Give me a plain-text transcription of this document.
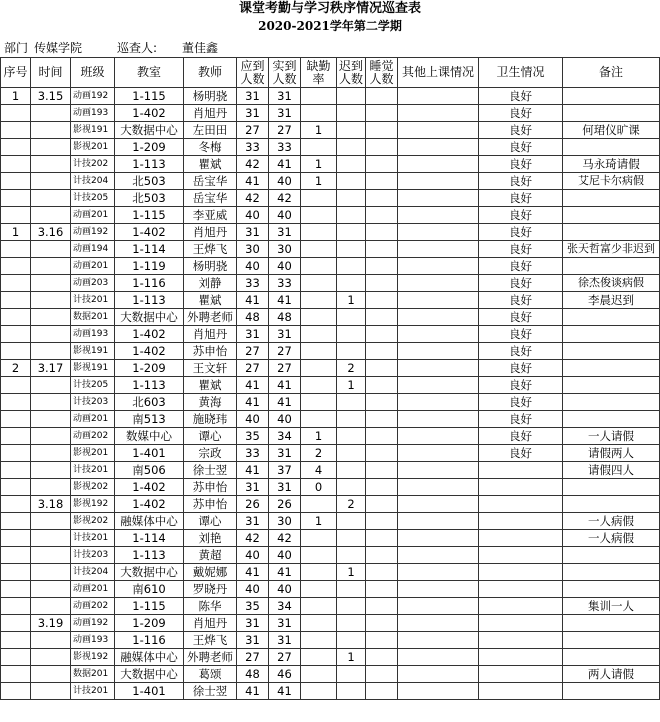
课堂考勤与学习秩序情况巡查表
2020-2021学年第二学期
部门 传媒学院	巡查人: 董佳鑫
序号	时间	班级	教室	教师	应到人数	实到人数	缺勤率	迟到人数	睡觉人数	其他上课情况	卫生情况	备注
1	3.15	动画192	1-115	杨明骁	31	31					良好	
		动画193	1-402	肖旭丹	31	31					良好	
		影视191	大数据中心	左田田	27	27	1				良好	何珺仪旷课
		影视201	1-209	冬梅	33	33					良好	
		计技202	1-113	瞿斌	42	41	1				良好	马永琦请假
		计技204	北503	岳宝华	41	40	1				良好	艾尼卡尔病假
		计技205	北503	岳宝华	42	42					良好	
		动画201	1-115	李亚威	40	40					良好	
1	3.16	动画192	1-402	肖旭丹	31	31					良好	
		动画194	1-114	王烨飞	30	30					良好	张天哲富少非迟到
		动画201	1-119	杨明骁	40	40					良好	
		动画203	1-116	刘静	33	33					良好	徐杰俊谈病假
		计技201	1-113	瞿斌	41	41		1			良好	李晨迟到
		数据201	大数据中心	外聘老师	48	48					良好	
		动画193	1-402	肖旭丹	31	31					良好	
		影视191	1-402	苏申怡	27	27					良好	
2	3.17	影视191	1-209	王文轩	27	27		2			良好	
		计技205	1-113	瞿斌	41	41		1			良好	
		计技203	北603	黄海	41	41					良好	
		动画201	南513	施晓玮	40	40					良好	
		动画202	数媒中心	谭心	35	34	1				良好	一人请假
		影视201	1-401	宗政	33	31	2				良好	请假两人
		计技201	南506	徐士翌	41	37	4					请假四人
		影视202	1-402	苏申怡	31	31	0					
	3.18	影视192	1-402	苏申怡	26	26		2				
		影视202	融媒体中心	谭心	31	30	1					一人病假
		计技201	1-114	刘艳	42	42						一人病假
		计技203	1-113	黄超	40	40						
		计技204	大数据中心	戴妮娜	41	41		1				
		动画201	南610	罗晓丹	40	40						
		动画202	1-115	陈华	35	34						集训一人
	3.19	动画192	1-209	肖旭丹	31	31						
		动画193	1-116	王烨飞	31	31						
		影视192	融媒体中心	外聘老师	27	27		1				
		数据201	大数据中心	葛颂	48	46						两人请假
		计技201	1-401	徐士翌	41	41						
